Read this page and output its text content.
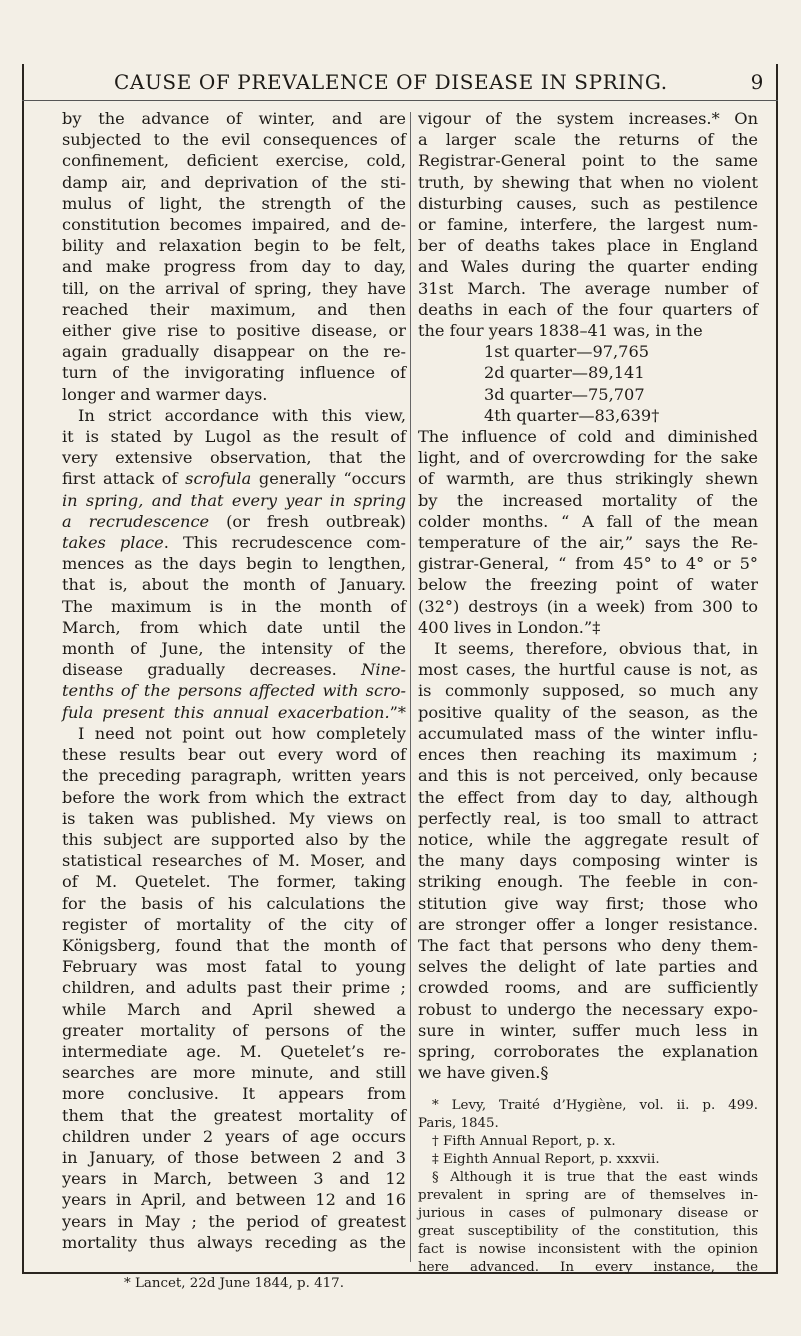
CAUSE OF PREVALENCE OF DISEASE IN SPRING.	9
by the advance of winter, and are
subjected to the evil consequences of
confinement, deficient exercise, cold,
damp air, and deprivation of the sti-
mulus of light, the strength of the
constitution becomes impaired, and de-
bility and relaxation begin to be felt,
and make progress from day to day,
till, on the arrival of spring, they have
reached their maximum, and then
either give rise to positive disease, or
again gradually disappear on the re-
turn of the invigorating influence of
longer and warmer days.
In strict accordance with this view,
it is stated by Lugol as the result of
very extensive observation, that the
first attack of scrofula generally “occurs
in spring, and that every year in spring
a recrudescence (or fresh outbreak)
takes place. This recrudescence com-
mences as the days begin to lengthen,
that is, about the month of January.
The maximum is in the month of
March, from which date until the
month of June, the intensity of the
disease gradually decreases. Nine-
tenths of the persons affected with scro-
fula present this annual exacerbation.”*
I need not point out how completely
these results bear out every word of
the preceding paragraph, written years
before the work from which the extract
is taken was published. My views on
this subject are supported also by the
statistical researches of M. Moser, and
of M. Quetelet. The former, taking
for the basis of his calculations the
register of mortality of the city of
Königsberg, found that the month of
February was most fatal to young
children, and adults past their prime ;
while March and April shewed a
greater mortality of persons of the
intermediate age. M. Quetelet’s re-
searches are more minute, and still
more conclusive. It appears from
them that the greatest mortality of
children under 2 years of age occurs
in January, of those between 2 and 3
years in March, between 3 and 12
years in April, and between 12 and 16
years in May ; the period of greatest
mortality thus always receding as the
* Lancet, 22d June 1844, p. 417.
vigour of the system increases.* On
a larger scale the returns of the
Registrar-General point to the same
truth, by shewing that when no violent
disturbing causes, such as pestilence
or famine, interfere, the largest num-
ber of deaths takes place in England
and Wales during the quarter ending
31st March. The average number of
deaths in each of the four quarters of
the four years 1838–41 was, in the
1st quarter—97,765
2d quarter—89,141
3d quarter—75,707
4th quarter—83,639†
The influence of cold and diminished
light, and of overcrowding for the sake
of warmth, are thus strikingly shewn
by the increased mortality of the
colder months. “ A fall of the mean
temperature of the air,” says the Re-
gistrar-General, “ from 45° to 4° or 5°
below the freezing point of water
(32°) destroys (in a week) from 300 to
400 lives in London.”‡
It seems, therefore, obvious that, in
most cases, the hurtful cause is not, as
is commonly supposed, so much any
positive quality of the season, as the
accumulated mass of the winter influ-
ences then reaching its maximum ;
and this is not perceived, only because
the effect from day to day, although
perfectly real, is too small to attract
notice, while the aggregate result of
the many days composing winter is
striking enough. The feeble in con-
stitution give way first; those who
are stronger offer a longer resistance.
The fact that persons who deny them-
selves the delight of late parties and
crowded rooms, and are sufficiently
robust to undergo the necessary expo-
sure in winter, suffer much less in
spring, corroborates the explanation
we have given.§
* Levy, Traité d’Hygiène, vol. ii. p. 499.
Paris, 1845.
† Fifth Annual Report, p. x.
‡ Eighth Annual Report, p. xxxvii.
§ Although it is true that the east winds
prevalent in spring are of themselves in-
jurious in cases of pulmonary disease or
great susceptibility of the constitution, this
fact is nowise inconsistent with the opinion
here advanced. In every instance, the
